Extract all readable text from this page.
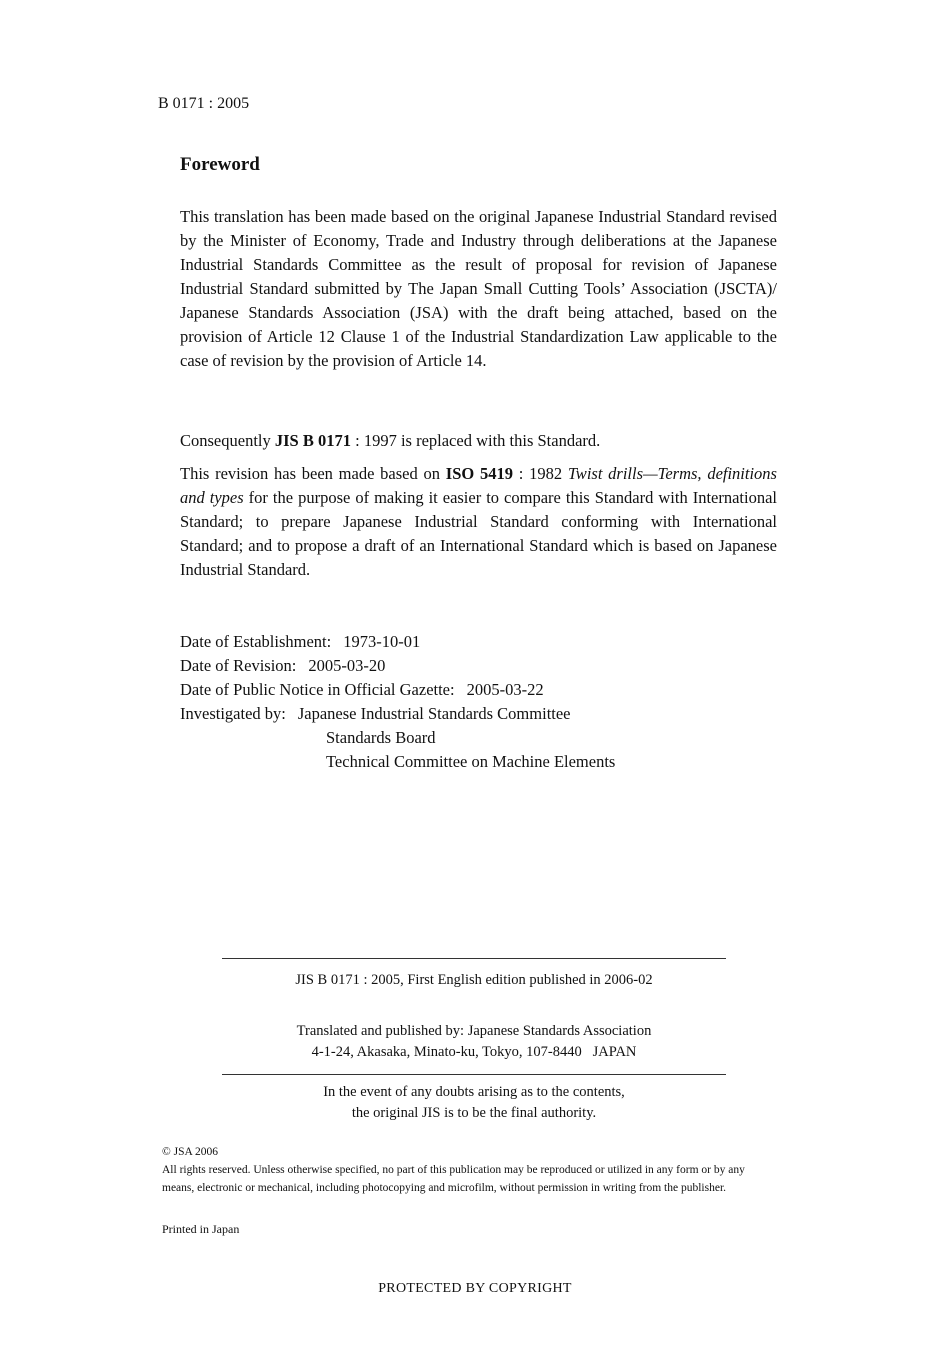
B 0171 : 2005
Foreword
This translation has been made based on the original Japanese Industrial Standard revised by the Minister of Economy, Trade and Industry through deliberations at the Japanese Industrial Standards Committee as the result of proposal for revision of Japanese Industrial Standard submitted by The Japan Small Cutting Tools’ Association (JSCTA)/ Japanese Standards Association (JSA) with the draft being attached, based on the provision of Article 12 Clause 1 of the Industrial Standardization Law applicable to the case of revision by the provision of Article 14.
Consequently JIS B 0171 : 1997 is replaced with this Standard.
This revision has been made based on ISO 5419 : 1982 Twist drills—Terms, definitions and types for the purpose of making it easier to compare this Standard with International Standard; to prepare Japanese Industrial Standard conforming with International Standard; and to propose a draft of an International Standard which is based on Japanese Industrial Standard.
Date of Establishment: 1973-10-01
Date of Revision: 2005-03-20
Date of Public Notice in Official Gazette: 2005-03-22
Investigated by: Japanese Industrial Standards Committee
Standards Board
Technical Committee on Machine Elements
JIS B 0171 : 2005, First English edition published in 2006-02
Translated and published by: Japanese Standards Association
4-1-24, Akasaka, Minato-ku, Tokyo, 107-8440   JAPAN
In the event of any doubts arising as to the contents,
the original JIS is to be the final authority.
© JSA 2006
All rights reserved. Unless otherwise specified, no part of this publication may be reproduced or utilized in any form or by any means, electronic or mechanical, including photocopying and microfilm, without permission in writing from the publisher.
Printed in Japan
PROTECTED BY COPYRIGHT
